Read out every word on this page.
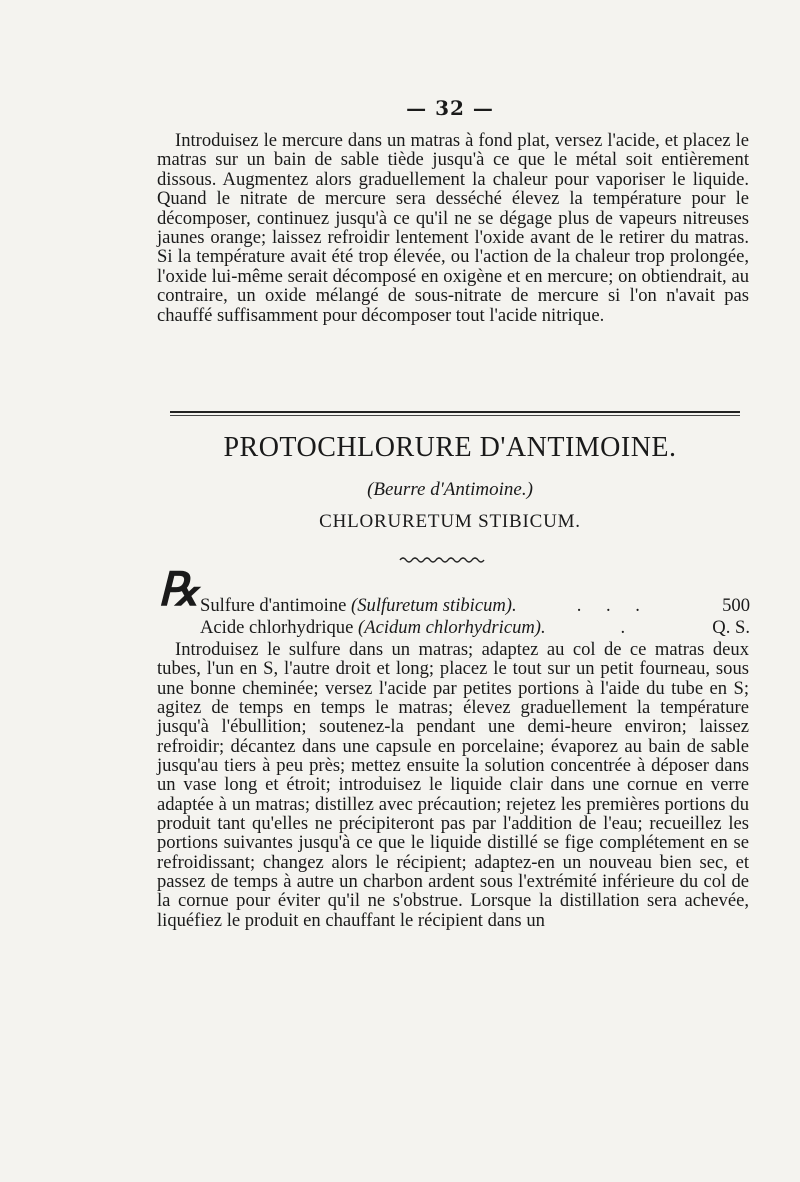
— 32 —
Introduisez le mercure dans un matras à fond plat, versez l'acide, et placez le matras sur un bain de sable tiède jusqu'à ce que le métal soit entièrement dissous. Augmentez alors graduellement la chaleur pour vaporiser le liquide. Quand le nitrate de mercure sera desséché élevez la température pour le décomposer, continuez jusqu'à ce qu'il ne se dégage plus de vapeurs nitreuses jaunes orange; laissez refroidir lentement l'oxide avant de le retirer du matras. Si la température avait été trop élevée, ou l'action de la chaleur trop prolongée, l'oxide lui-même serait décomposé en oxigène et en mercure; on obtiendrait, au contraire, un oxide mélangé de sous-nitrate de mercure si l'on n'avait pas chauffé suffisamment pour décomposer tout l'acide nitrique.
PROTOCHLORURE D'ANTIMOINE.
(Beurre d'Antimoine.)
CHLORURETUM STIBICUM.
℞ Sulfure d'antimoine (Sulfuretum stibicum).	. . .	500
Acide chlorhydrique (Acidum chlorhydricum).	.	Q. S.
Introduisez le sulfure dans un matras; adaptez au col de ce matras deux tubes, l'un en S, l'autre droit et long; placez le tout sur un petit fourneau, sous une bonne cheminée; versez l'acide par petites portions à l'aide du tube en S; agitez de temps en temps le matras; élevez graduellement la température jusqu'à l'ébullition; soutenez-la pendant une demi-heure environ; laissez refroidir; décantez dans une capsule en porcelaine; évaporez au bain de sable jusqu'au tiers à peu près; mettez ensuite la solution concentrée à déposer dans un vase long et étroit; introduisez le liquide clair dans une cornue en verre adaptée à un matras; distillez avec précaution; rejetez les premières portions du produit tant qu'elles ne précipiteront pas par l'addition de l'eau; recueillez les portions suivantes jusqu'à ce que le liquide distillé se fige complétement en se refroidissant; changez alors le récipient; adaptez-en un nouveau bien sec, et passez de temps à autre un charbon ardent sous l'extrémité inférieure du col de la cornue pour éviter qu'il ne s'obstrue. Lorsque la distillation sera achevée, liquéfiez le produit en chauffant le récipient dans un
